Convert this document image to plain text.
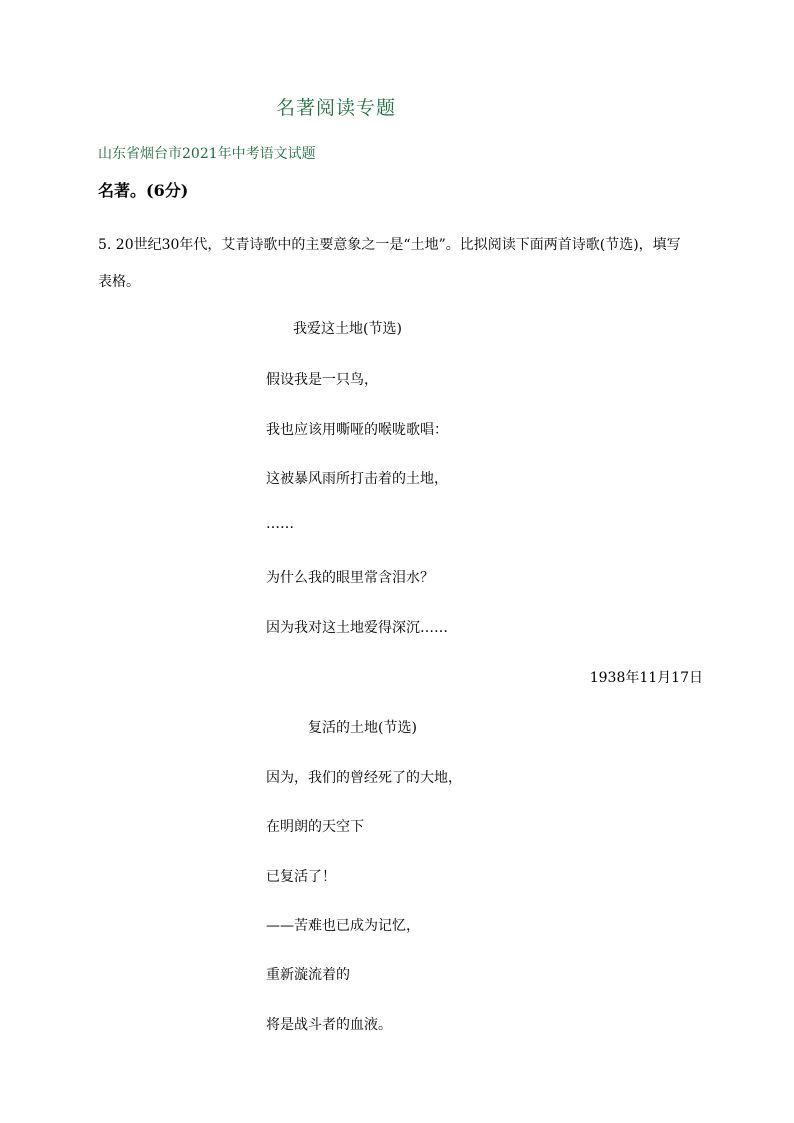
名著阅读专题
山东省烟台市2021年中考语文试题
名著。(6分)
5. 20世纪30年代，艾青诗歌中的主要意象之一是“土地”。比拟阅读下面两首诗歌(节选)，填写
表格。
我爱这土地(节选)
假设我是一只鸟，
我也应该用嘶哑的喉咙歌唱：
这被暴风雨所打击着的土地，
……
为什么我的眼里常含泪水？
因为我对这土地爱得深沉……
1938年11月17日
复活的土地(节选)
因为，我们的曾经死了的大地，
在明朗的天空下
已复活了！
——苦难也已成为记忆，
重新漩流着的
将是战斗者的血液。
